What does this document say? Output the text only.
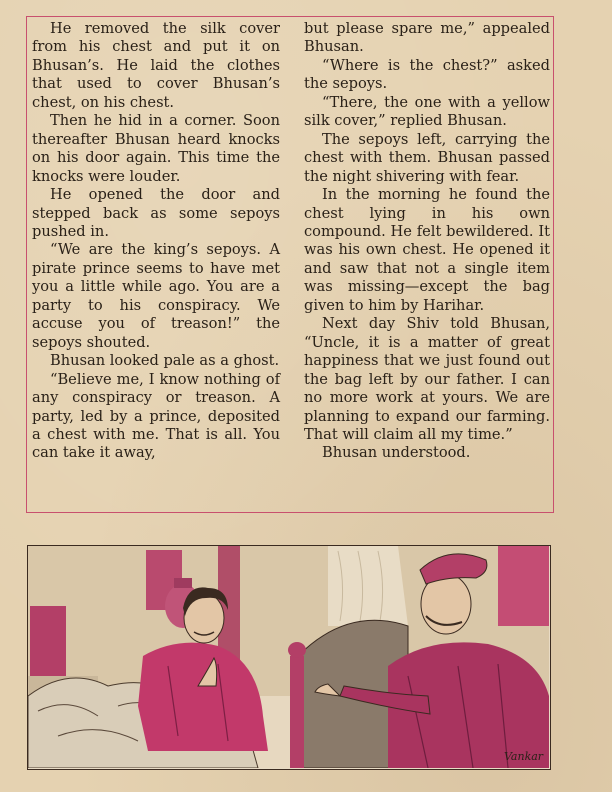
He removed the silk cover from his chest and put it on Bhusan’s. He laid the clothes that used to cover Bhusan’s chest, on his chest.

Then he hid in a corner. Soon thereafter Bhusan heard knocks on his door again. This time the knocks were louder.

He opened the door and stepped back as some sepoys pushed in.

“We are the king’s sepoys. A pirate prince seems to have met you a little while ago. You are a party to his conspiracy. We accuse you of treason!” the sepoys shouted.

Bhusan looked pale as a ghost.

“Believe me, I know nothing of any conspiracy or treason. A party, led by a prince, deposited a chest with me. That is all. You can take it away,

but please spare me,” appealed Bhusan.

“Where is the chest?” asked the sepoys.

“There, the one with a yellow silk cover,” replied Bhusan.

The sepoys left, carrying the chest with them. Bhusan passed the night shivering with fear.

In the morning he found the chest lying in his own compound. He felt bewildered. It was his own chest. He opened it and saw that not a single item was missing—except the bag given to him by Harihar.

Next day Shiv told Bhusan, “Uncle, it is a matter of great happiness that we just found out the bag left by our father. I can no more work at yours. We are planning to expand our farming. That will claim all my time.”

Bhusan understood.

Vankar
